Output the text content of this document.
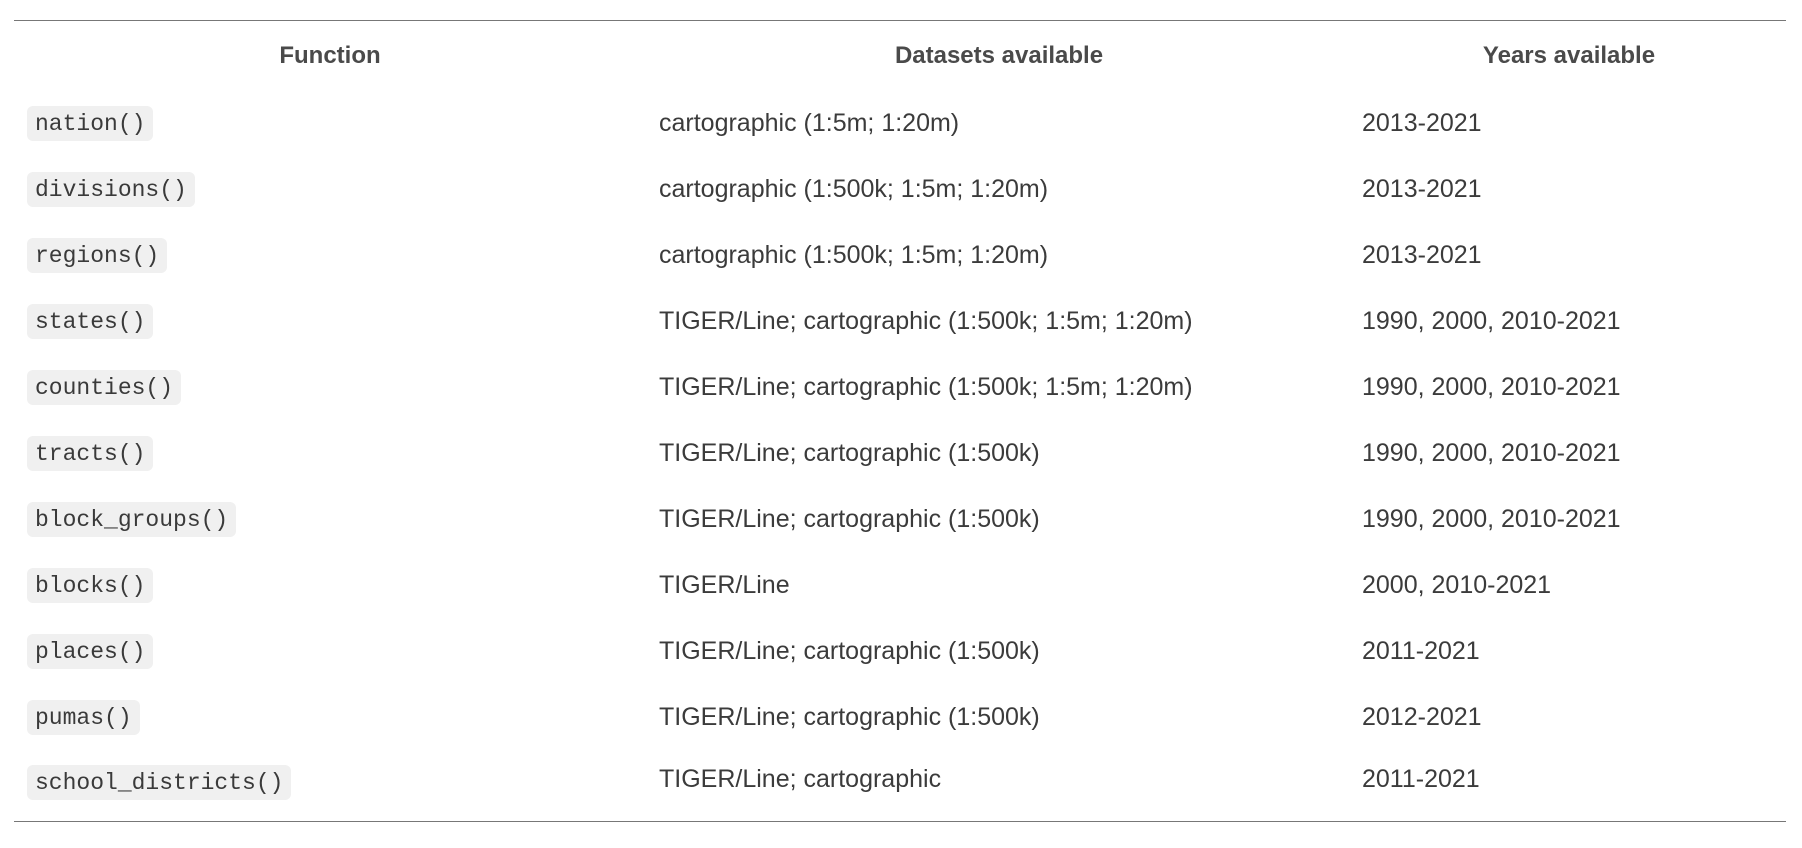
Function	Datasets available	Years available
nation()	cartographic (1:5m; 1:20m)	2013-2021
divisions()	cartographic (1:500k; 1:5m; 1:20m)	2013-2021
regions()	cartographic (1:500k; 1:5m; 1:20m)	2013-2021
states()	TIGER/Line; cartographic (1:500k; 1:5m; 1:20m)	1990, 2000, 2010-2021
counties()	TIGER/Line; cartographic (1:500k; 1:5m; 1:20m)	1990, 2000, 2010-2021
tracts()	TIGER/Line; cartographic (1:500k)	1990, 2000, 2010-2021
block_groups()	TIGER/Line; cartographic (1:500k)	1990, 2000, 2010-2021
blocks()	TIGER/Line	2000, 2010-2021
places()	TIGER/Line; cartographic (1:500k)	2011-2021
pumas()	TIGER/Line; cartographic (1:500k)	2012-2021
school_districts()	TIGER/Line; cartographic	2011-2021
